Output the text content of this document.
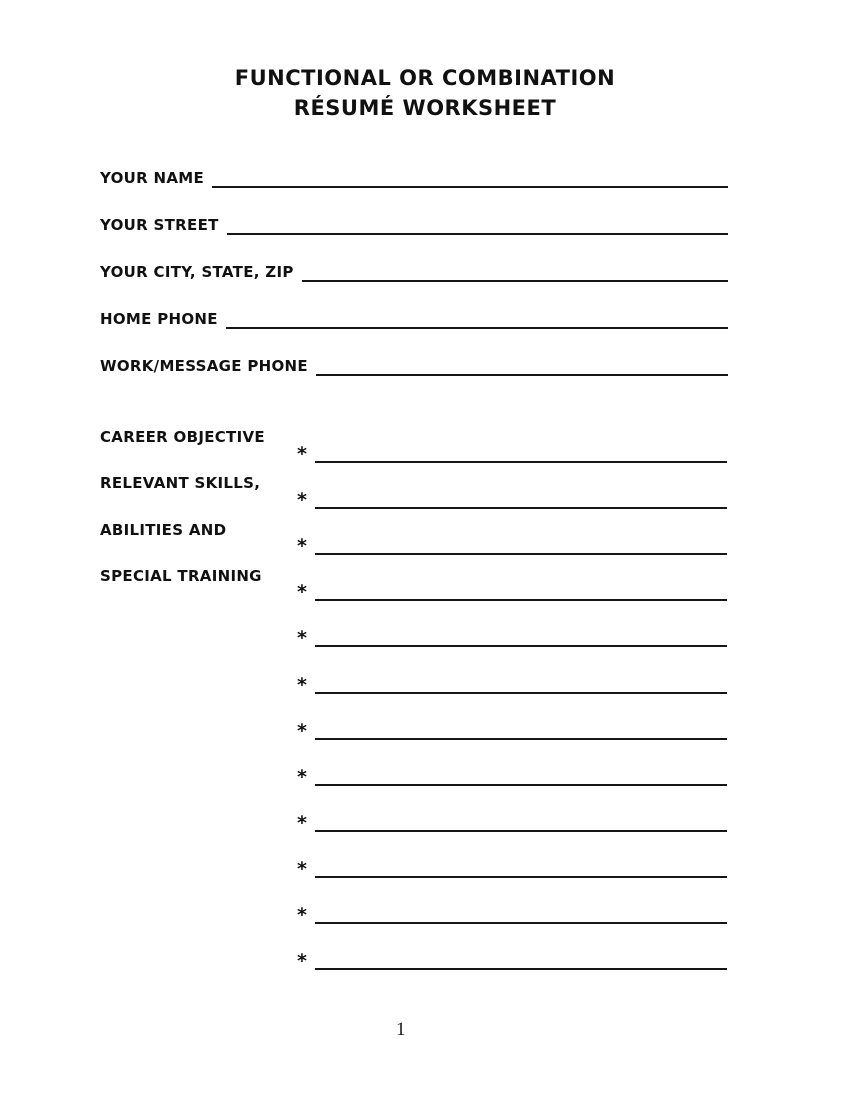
FUNCTIONAL OR COMBINATION
RÉSUMÉ WORKSHEET
YOUR NAME
YOUR STREET
YOUR CITY, STATE, ZIP
HOME PHONE
WORK/MESSAGE PHONE
CAREER OBJECTIVE
RELEVANT SKILLS,
ABILITIES AND
SPECIAL TRAINING
*
*
*
*
*
*
*
*
*
*
*
*
1
